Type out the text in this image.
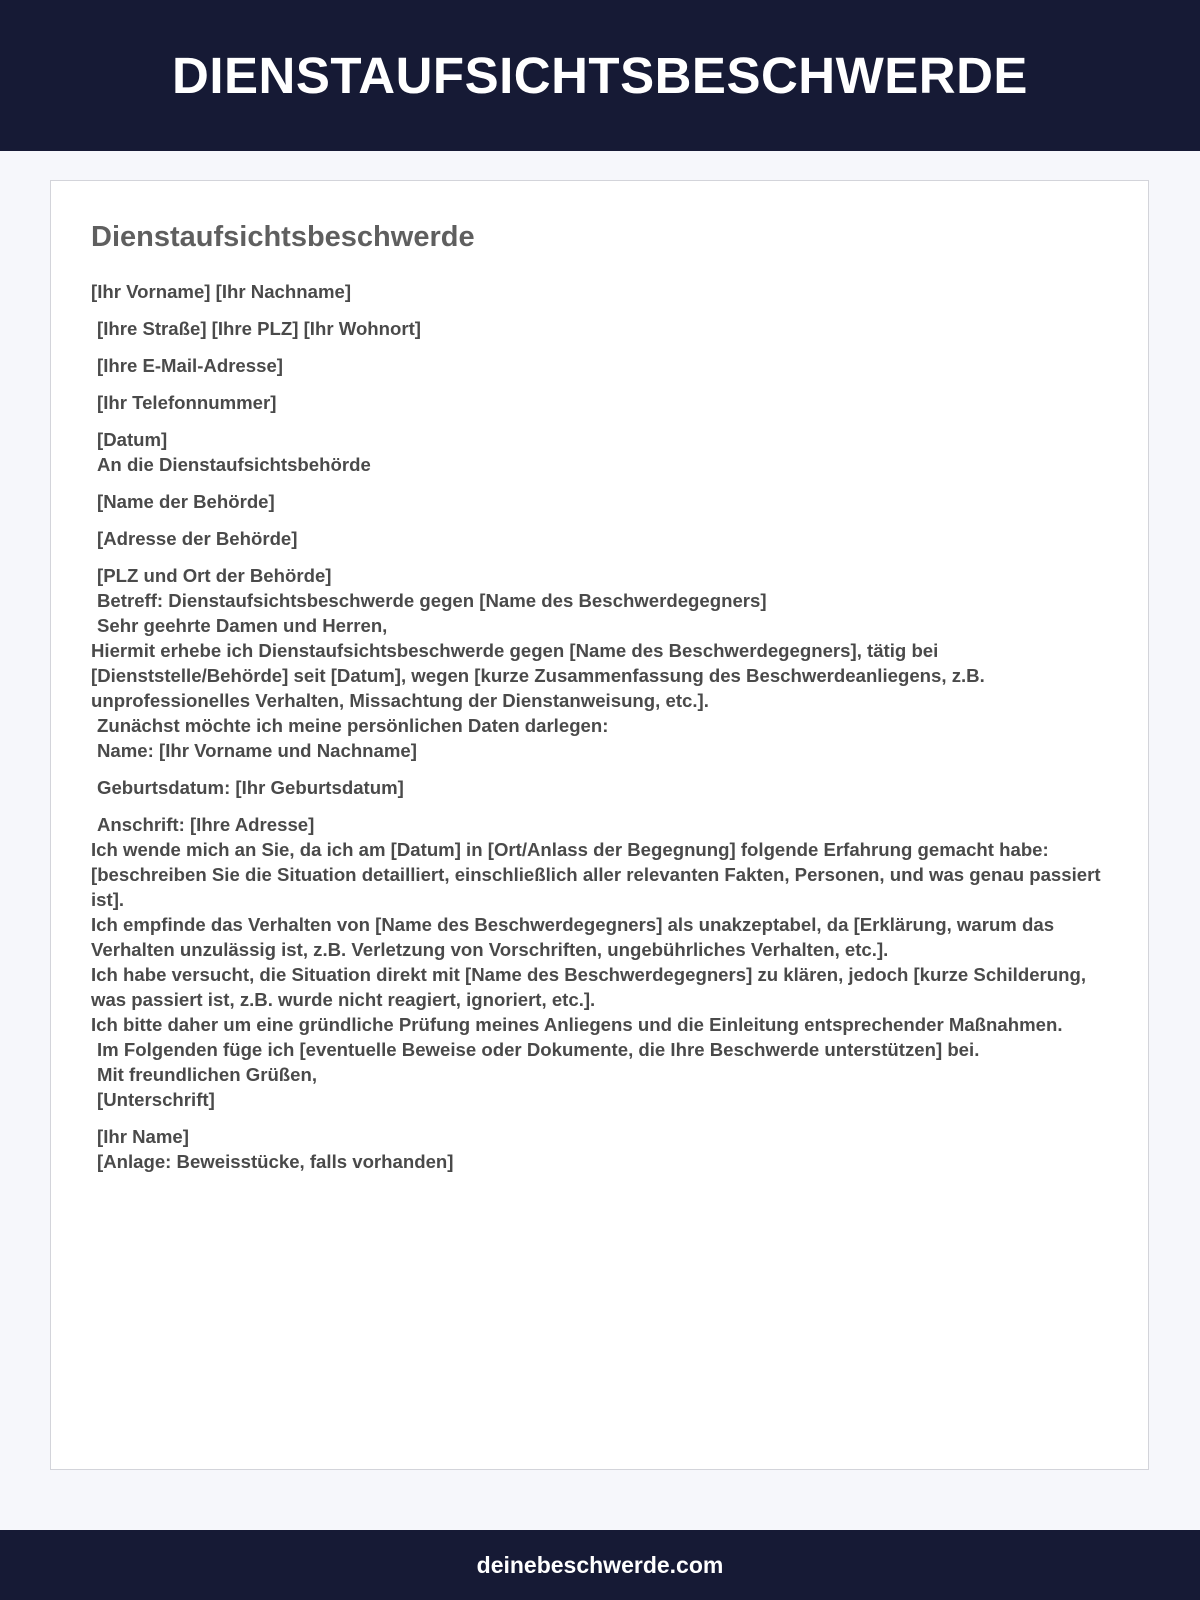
DIENSTAUFSICHTSBESCHWERDE
Dienstaufsichtsbeschwerde
[Ihr Vorname] [Ihr Nachname]
[Ihre Straße] [Ihre PLZ] [Ihr Wohnort]
[Ihre E-Mail-Adresse]
[Ihr Telefonnummer]
[Datum]
An die Dienstaufsichtsbehörde
[Name der Behörde]
[Adresse der Behörde]
[PLZ und Ort der Behörde]
Betreff: Dienstaufsichtsbeschwerde gegen [Name des Beschwerdegegners]
Sehr geehrte Damen und Herren,
Hiermit erhebe ich Dienstaufsichtsbeschwerde gegen [Name des Beschwerdegegners], tätig bei [Dienststelle/Behörde] seit [Datum], wegen [kurze Zusammenfassung des Beschwerdeanliegens, z.B. unprofessionelles Verhalten, Missachtung der Dienstanweisung, etc.].
Zunächst möchte ich meine persönlichen Daten darlegen:
Name: [Ihr Vorname und Nachname]
Geburtsdatum: [Ihr Geburtsdatum]
Anschrift: [Ihre Adresse]
Ich wende mich an Sie, da ich am [Datum] in [Ort/Anlass der Begegnung] folgende Erfahrung gemacht habe: [beschreiben Sie die Situation detailliert, einschließlich aller relevanten Fakten, Personen, und was genau passiert ist].
Ich empfinde das Verhalten von [Name des Beschwerdegegners] als unakzeptabel, da [Erklärung, warum das Verhalten unzulässig ist, z.B. Verletzung von Vorschriften, ungebührliches Verhalten, etc.].
Ich habe versucht, die Situation direkt mit [Name des Beschwerdegegners] zu klären, jedoch [kurze Schilderung, was passiert ist, z.B. wurde nicht reagiert, ignoriert, etc.].
Ich bitte daher um eine gründliche Prüfung meines Anliegens und die Einleitung entsprechender Maßnahmen.
Im Folgenden füge ich [eventuelle Beweise oder Dokumente, die Ihre Beschwerde unterstützen] bei.
Mit freundlichen Grüßen,
[Unterschrift]
[Ihr Name]
[Anlage: Beweisstücke, falls vorhanden]
deinebeschwerde.com
